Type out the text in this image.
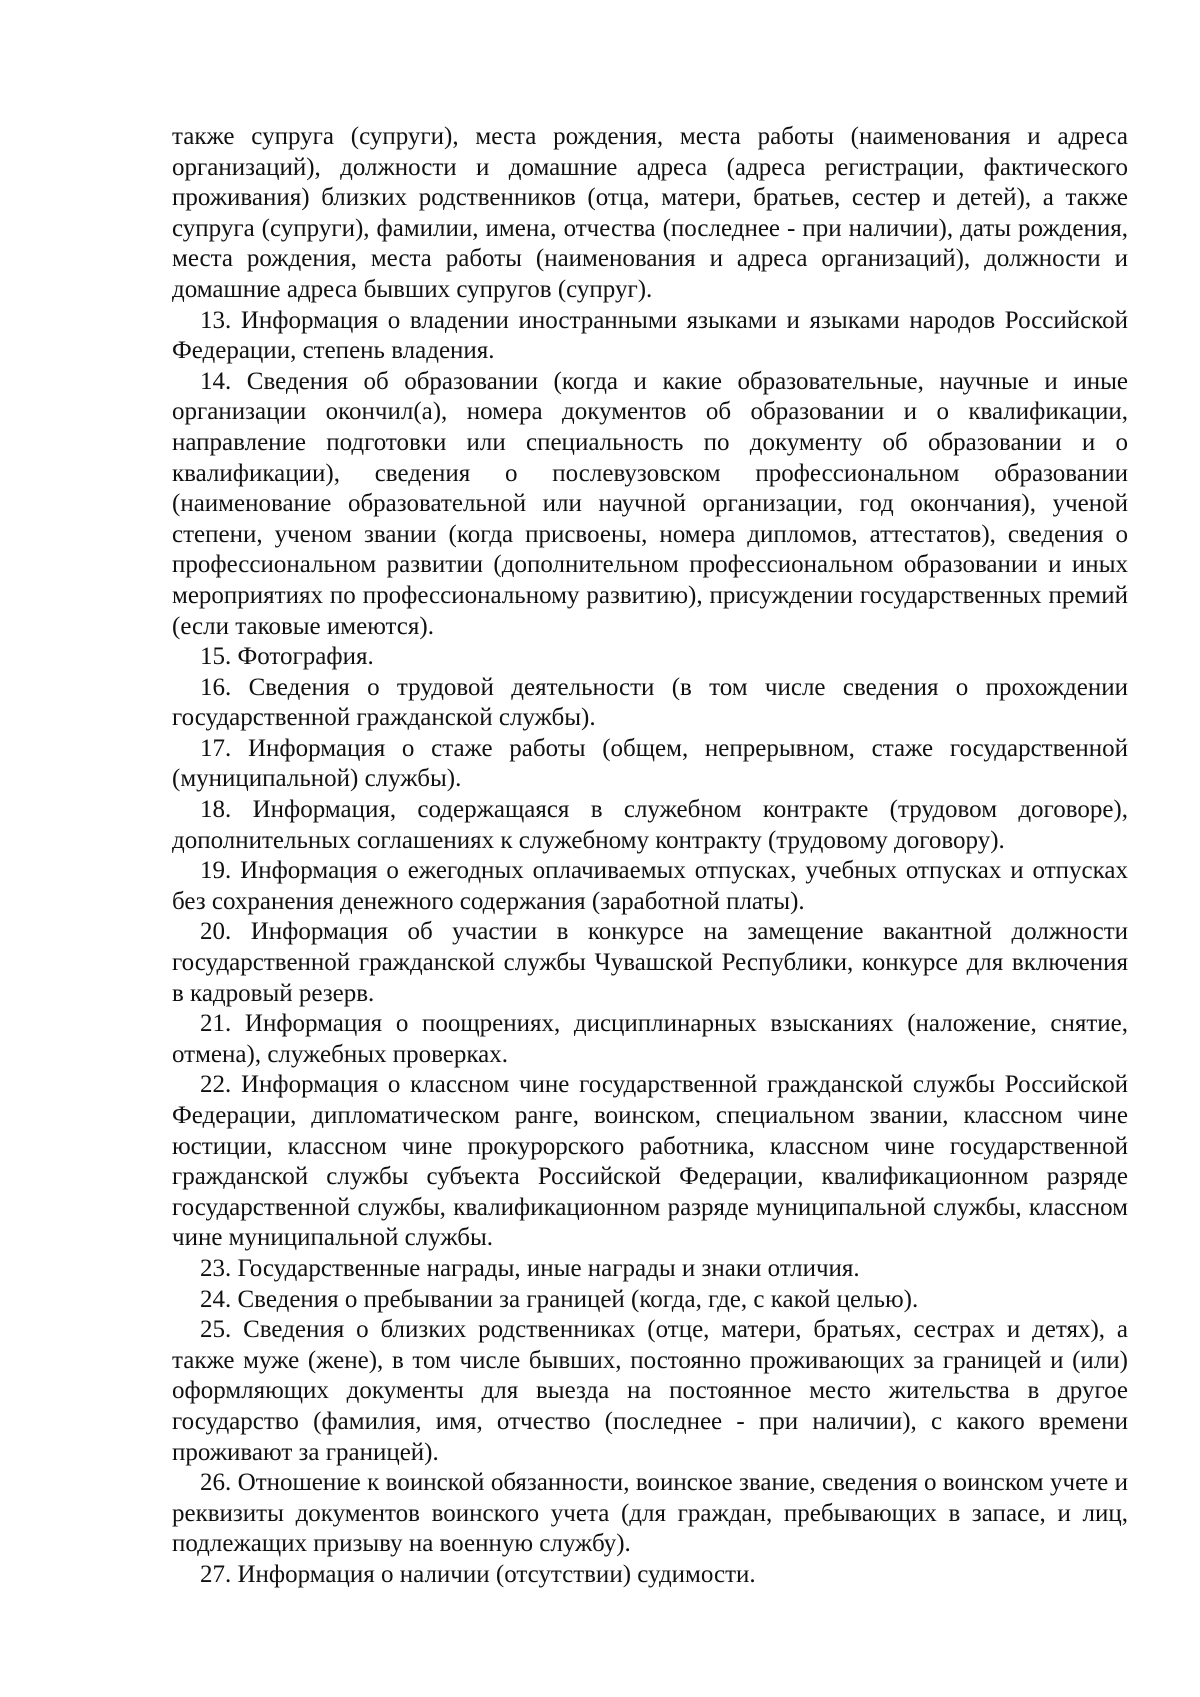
также супруга (супруги), места рождения, места работы (наименования и адреса организаций), должности и домашние адреса (адреса регистрации, фактического проживания) близких родственников (отца, матери, братьев, сестер и детей), а также супруга (супруги), фамилии, имена, отчества (последнее - при наличии), даты рождения, места рождения, места работы (наименования и адреса организаций), должности и домашние адреса бывших супругов (супруг).

13. Информация о владении иностранными языками и языками народов Российской Федерации, степень владения.

14. Сведения об образовании (когда и какие образовательные, научные и иные организации окончил(а), номера документов об образовании и о квалификации, направление подготовки или специальность по документу об образовании и о квалификации), сведения о послевузовском профессиональном образовании (наименование образовательной или научной организации, год окончания), ученой степени, ученом звании (когда присвоены, номера дипломов, аттестатов), сведения о профессиональном развитии (дополнительном профессиональном образовании и иных мероприятиях по профессиональному развитию), присуждении государственных премий (если таковые имеются).

15. Фотография.

16. Сведения о трудовой деятельности (в том числе сведения о прохождении государственной гражданской службы).

17. Информация о стаже работы (общем, непрерывном, стаже государственной (муниципальной) службы).

18. Информация, содержащаяся в служебном контракте (трудовом договоре), дополнительных соглашениях к служебному контракту (трудовому договору).

19. Информация о ежегодных оплачиваемых отпусках, учебных отпусках и отпусках без сохранения денежного содержания (заработной платы).

20. Информация об участии в конкурсе на замещение вакантной должности государственной гражданской службы Чувашской Республики, конкурсе для включения в кадровый резерв.

21. Информация о поощрениях, дисциплинарных взысканиях (наложение, снятие, отмена), служебных проверках.

22. Информация о классном чине государственной гражданской службы Российской Федерации, дипломатическом ранге, воинском, специальном звании, классном чине юстиции, классном чине прокурорского работника, классном чине государственной гражданской службы субъекта Российской Федерации, квалификационном разряде государственной службы, квалификационном разряде муниципальной службы, классном чине муниципальной службы.

23. Государственные награды, иные награды и знаки отличия.

24. Сведения о пребывании за границей (когда, где, с какой целью).

25. Сведения о близких родственниках (отце, матери, братьях, сестрах и детях), а также муже (жене), в том числе бывших, постоянно проживающих за границей и (или) оформляющих документы для выезда на постоянное место жительства в другое государство (фамилия, имя, отчество (последнее - при наличии), с какого времени проживают за границей).

26. Отношение к воинской обязанности, воинское звание, сведения о воинском учете и реквизиты документов воинского учета (для граждан, пребывающих в запасе, и лиц, подлежащих призыву на военную службу).

27. Информация о наличии (отсутствии) судимости.
